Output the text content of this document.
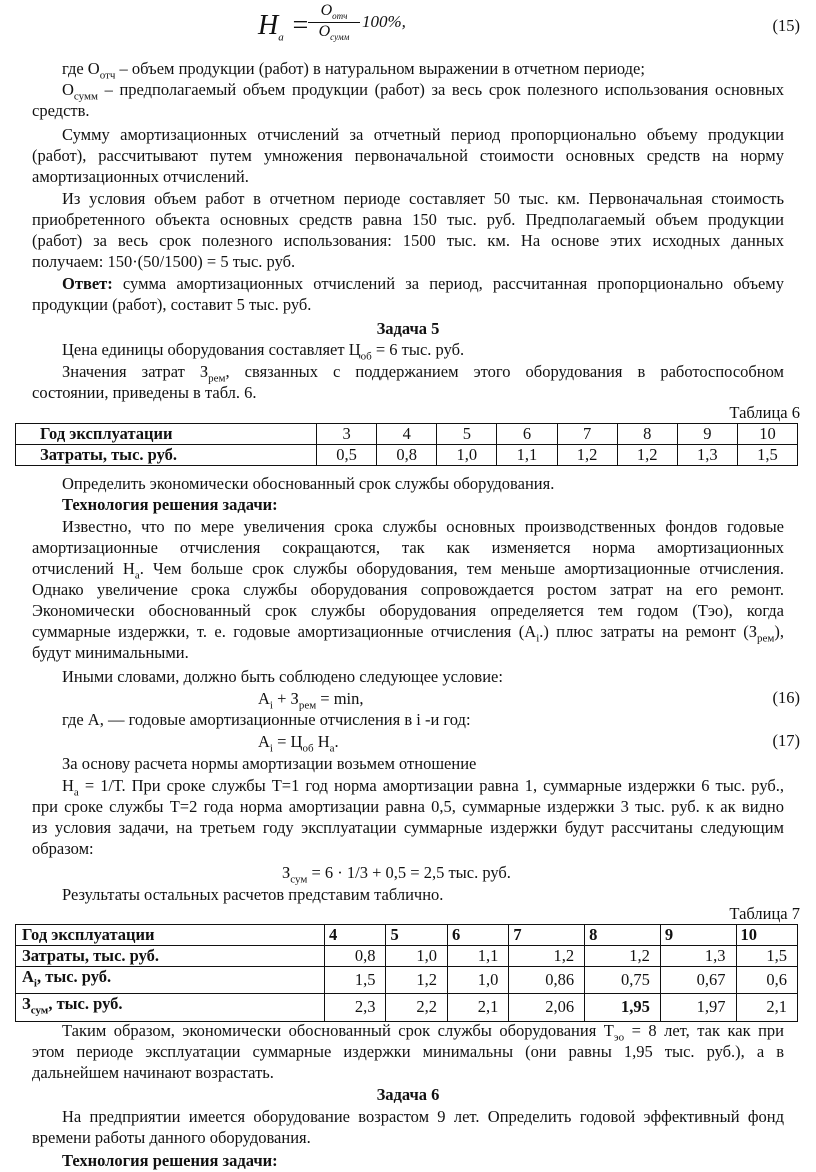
$H_a = O_{отч}$
$O_{сумм}$
100%,	(15)
где $О_{отч}$ – объем продукции (работ) в натуральном выражении в отчетном периоде;
$О_{сумм}$ – предполагаемый объем продукции (работ) за весь срок полезного использования основных
средств.
Сумму амортизационных отчислений за отчетный период пропорционально объему продукции
(работ), рассчитывают путем умножения первоначальной стоимости основных средств на норму
амортизационных отчислений.
Из условия объем работ в отчетном периоде составляет 50 тыс. км. Первоначальная стоимость
приобретенного объекта основных средств равна 150 тыс. руб. Предполагаемый объем продукции
(работ) за весь срок полезного использования: 1500 тыс. км. На основе этих исходных данных
получаем: 150·(50/1500) = 5 тыс. руб.
Ответ: сумма амортизационных отчислений за период, рассчитанная пропорционально объему
продукции (работ), составит 5 тыс. руб.
Задача 5
Цена единицы оборудования составляет $Ц_{об} = 6$ тыс. руб.
Значения затрат $З_{рем}$, связанных с поддержанием этого оборудования в работоспособном
состоянии, приведены в табл. 6.
Таблица 6
Год эксплуатации	3	4	5	6	7	8	9	10
Затраты, тыс. руб.	0,5	0,8	1,0	1,1	1,2	1,2	1,3	1,5
Определить экономически обоснованный срок службы оборудования.
Технология решения задачи:
Известно, что по мере увеличения срока службы основных производственных фондов годовые
амортизационные отчисления сокращаются, так как изменяется норма амортизационных
отчислений $Н_а$. Чем больше срок службы оборудования, тем меньше амортизационные отчисления.
Однако увеличение срока службы оборудования сопровождается ростом затрат на его ремонт.
Экономически обоснованный срок службы оборудования определяется тем годом (Тэо), когда
суммарные издержки, т. е. годовые амортизационные отчисления $(А_i.)$ плюс затраты на ремонт $(З_{рем})$,
будут минимальными.
Иными словами, должно быть соблюдено следующее условие:
$А_i + З_{рем} = \min$,	(16)
где А, — годовые амортизационные отчисления в i -и год:
$А_i = Ц_{об}$ $Н_а$.	(17)
За основу расчета нормы амортизации возьмем отношение
$Н_а = 1/Т$. При сроке службы Т=1 год норма амортизации равна 1, суммарные издержки 6 тыс. руб.,
при сроке службы Т=2 года норма амортизации равна 0,5, суммарные издержки 3 тыс. руб. к ак видно
из условия задачи, на третьем году эксплуатации суммарные издержки будут рассчитаны следующим
образом:
$З_{сум} = 6 \cdot 1/3 + 0,5 = 2,5$ тыс. руб.
Результаты остальных расчетов представим таблично.
Таблица 7
Год эксплуатации	4	5	6	7	8	9	10
Затраты, тыс. руб.	0,8	1,0	1,1	1,2	1,2	1,3	1,5
$А_i$, тыс. руб.	1,5	1,2	1,0	0,86	0,75	0,67	0,6
$З_{сум}$, тыс. руб.	2,3	2,2	2,1	2,06	1,95	1,97	2,1
Таким образом, экономически обоснованный срок службы оборудования $Т_{эо} = 8$ лет, так как при
этом периоде эксплуатации суммарные издержки минимальны (они равны 1,95 тыс. руб.), а в
дальнейшем начинают возрастать.
Задача 6
На предприятии имеется оборудование возрастом 9 лет. Определить годовой эффективный фонд
времени работы данного оборудования.
Технология решения задачи:
